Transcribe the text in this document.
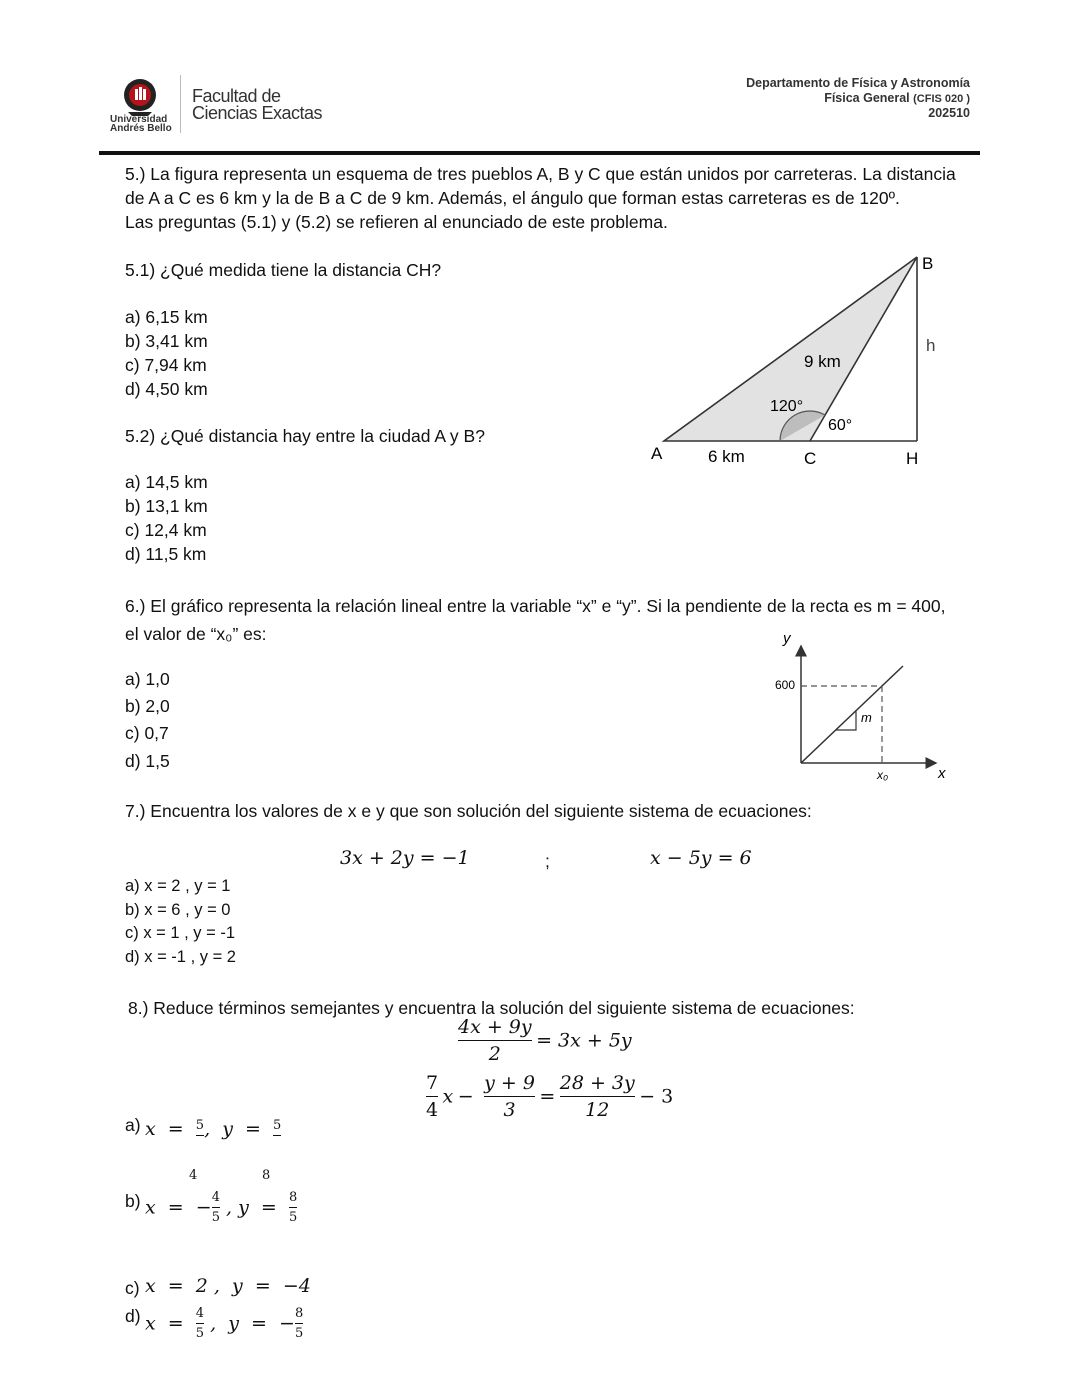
Universidad
Andrés Bello
Facultad de
Ciencias Exactas
Departamento de Física y Astronomía
Física General (CFIS 020 )
202510
5.) La figura representa un esquema de tres pueblos A, B y C que están unidos por carreteras. La distancia
de A a C es 6 km y la de B a C de 9 km. Además, el ángulo que forman estas carreteras es de 120º.
Las preguntas (5.1) y (5.2) se refieren al enunciado de este problema.
5.1) ¿Qué medida tiene la distancia CH?
a) 6,15 km
b) 3,41 km
c) 7,94 km
d) 4,50 km
5.2) ¿Qué distancia hay entre la ciudad A y B?
a) 14,5 km
b) 13,1 km
c) 12,4 km
d) 11,5 km
A
B
C	H
h
6 km
9 km
120°
60°
6.) El gráfico representa la relación lineal entre la variable “x” e “y”. Si la pendiente de la recta es m = 400,
el valor de “x₀” es:
a) 1,0
b) 2,0
c) 0,7
d) 1,5
y
x
600
x₀
m
7.) Encuentra los valores de x e y que son solución del siguiente sistema de ecuaciones:
3x + 2y = −1	;	x − 5y = 6
a) x = 2 , y = 1
b) x = 6 , y = 0
c) x = 1 , y = -1
d) x = -1 , y = 2
8.) Reduce términos semejantes y encuentra la solución del siguiente sistema de ecuaciones:
$\frac{4x + 9y}{2} = 3x + 5y$
$\frac{7}{4}$ $x - \frac{y + 9}{3} = \frac{28 + 3y}{12} - 3$
a) x  = 5 ,  y  = 5
4	8
b) x  =  − $\frac{4}{5}$ , $y = \frac{8}{5}$
c) x  =  2 ,  y  =  −4
d) $x = \frac{4}{5}$ ,  y  =  − $\frac{8}{5}$
